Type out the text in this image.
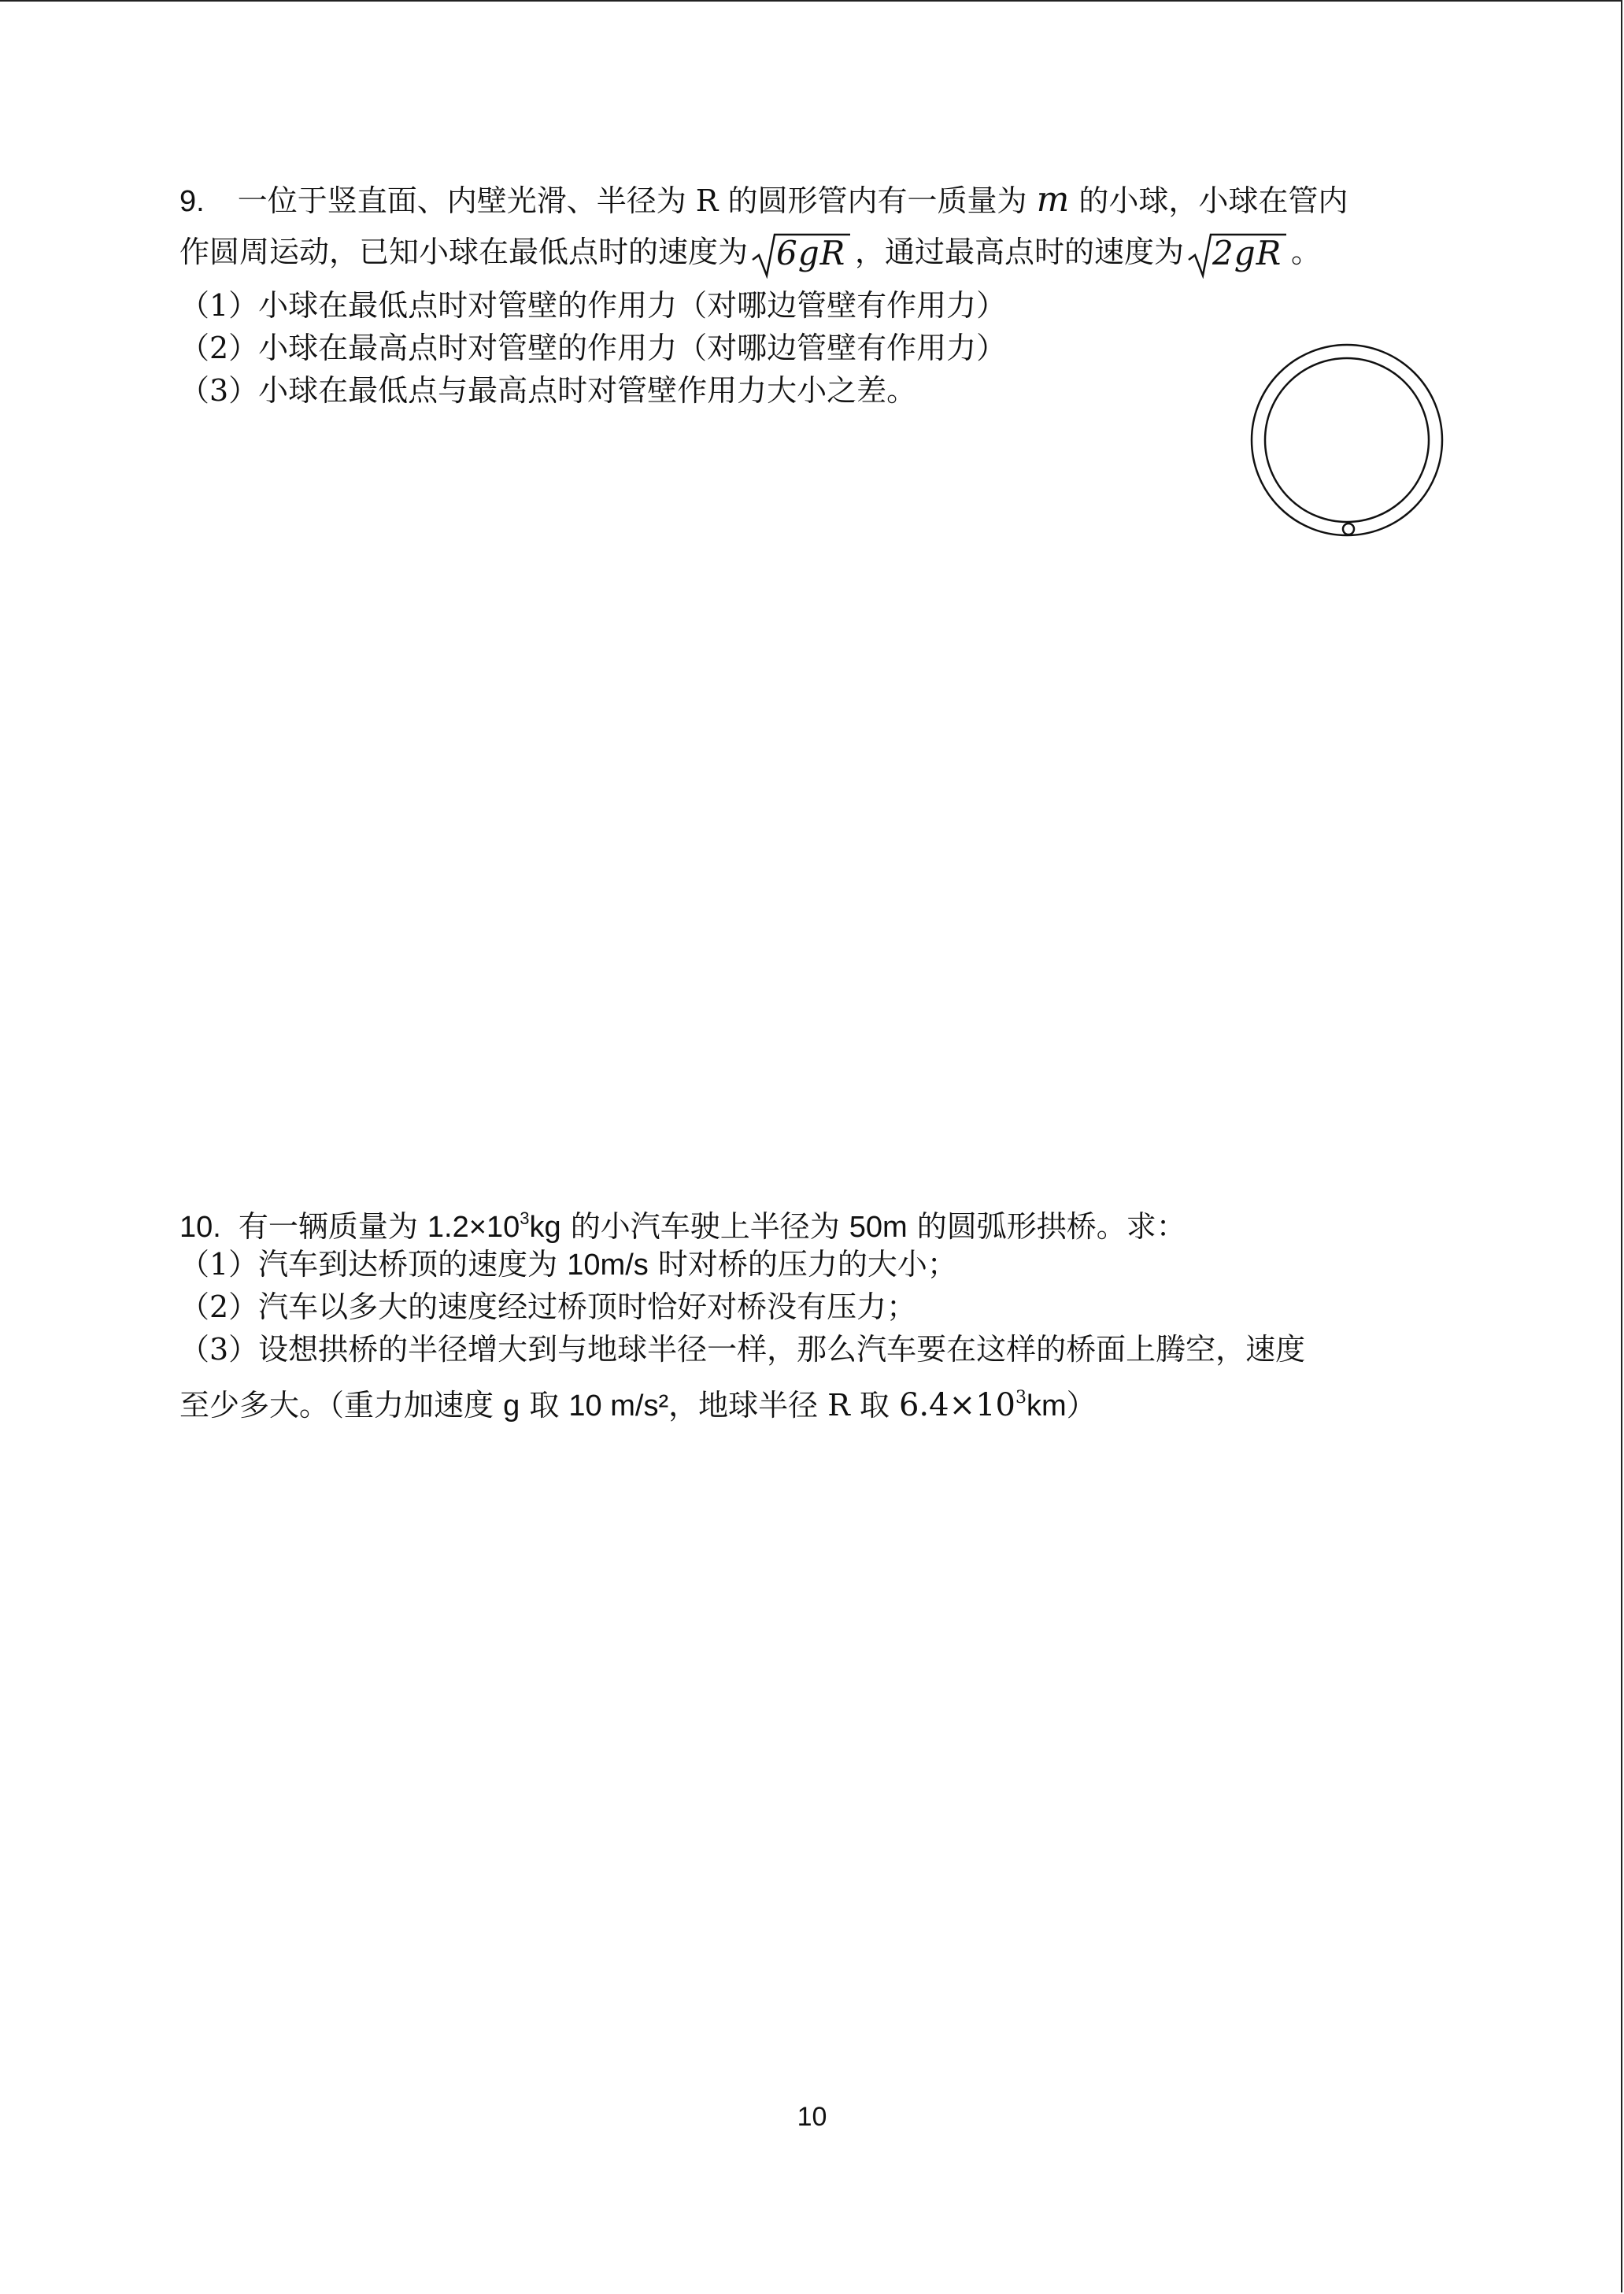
9. 一位于竖直面、内壁光滑、半径为 R 的圆形管内有一质量为 m 的小球，小球在管内
作圆周运动，已知小球在最低点时的速度为 6gR ，通过最高点时的速度为 2gR 。
（1）小球在最低点时对管壁的作用力（对哪边管壁有作用力）
（2）小球在最高点时对管壁的作用力（对哪边管壁有作用力）
（3）小球在最低点与最高点时对管壁作用力大小之差。
10. 有一辆质量为 $1.2\times 10^3kg$ 的小汽车驶上半径为 50m 的圆弧形拱桥。求：
（1）汽车到达桥顶的速度为 10m/s 时对桥的压力的大小；
（2）汽车以多大的速度经过桥顶时恰好对桥没有压力；
（3）设想拱桥的半径增大到与地球半径一样，那么汽车要在这样的桥面上腾空，速度
至少多大。（重力加速度 g 取 10 m/s²，地球半径 R 取 $6.4\times 10^3km$）
10
